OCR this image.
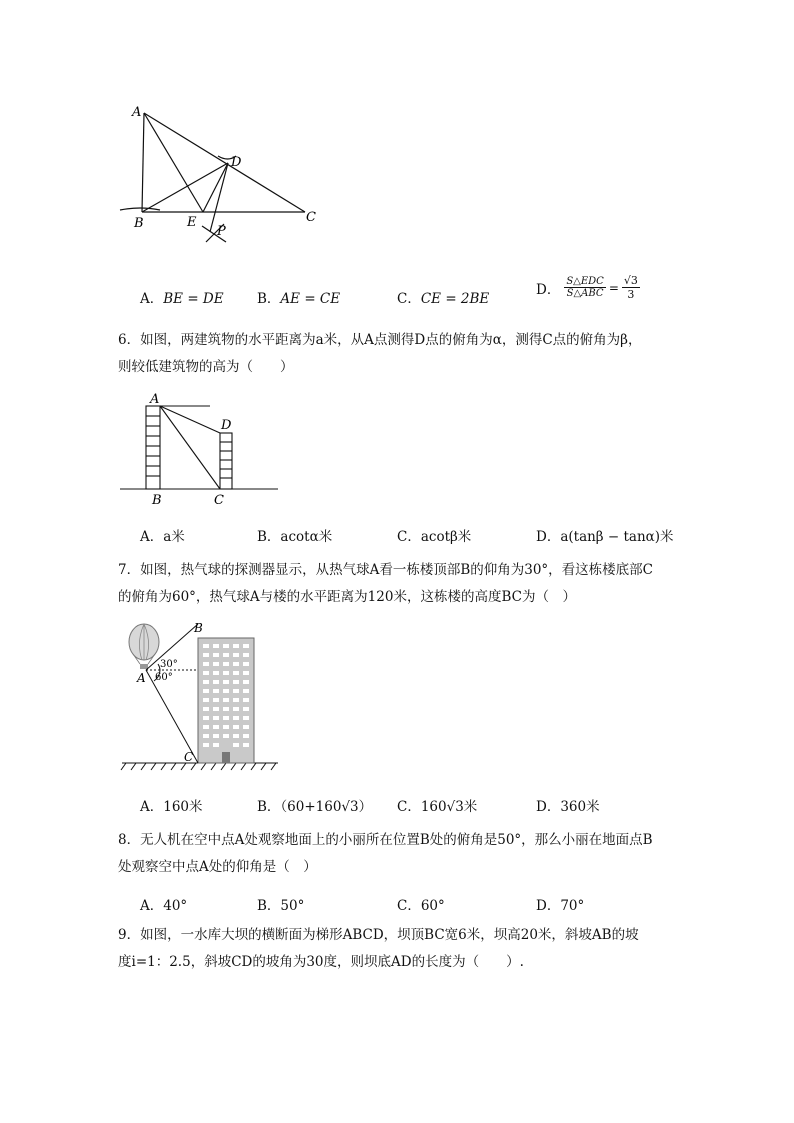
A
B	C
D
E
P
A．BE = DE B．AE = CE	C．CE = 2BE
D． S△EDC
S△ABC = $\frac{√3}{3}$
6．如图，两建筑物的水平距离为a米，从A点测得D点的俯角为α，测得C点的俯角为β，
则较低建筑物的高为（　　）
A
B	C
D
A．a米	B．acotα米	C．acotβ米	D．a(tanβ − tanα)米
7．如图，热气球的探测器显示，从热气球A看一栋楼顶部B的仰角为30°，看这栋楼底部C
的俯角为60°，热气球A与楼的水平距离为120米，这栋楼的高度BC为（　）
B
A
C
30°
60°
A．160米	B．（60+160√3） C．160√3米	D．360米
8．无人机在空中点A处观察地面上的小丽所在位置B处的俯角是50°，那么小丽在地面点B
处观察空中点A处的仰角是（　）
A．40°	B．50°	C．60°	D．70°
9．如图，一水库大坝的横断面为梯形ABCD，坝顶BC宽6米，坝高20米，斜坡AB的坡
度i=1：2.5，斜坡CD的坡角为30度，则坝底AD的长度为（　　）.
